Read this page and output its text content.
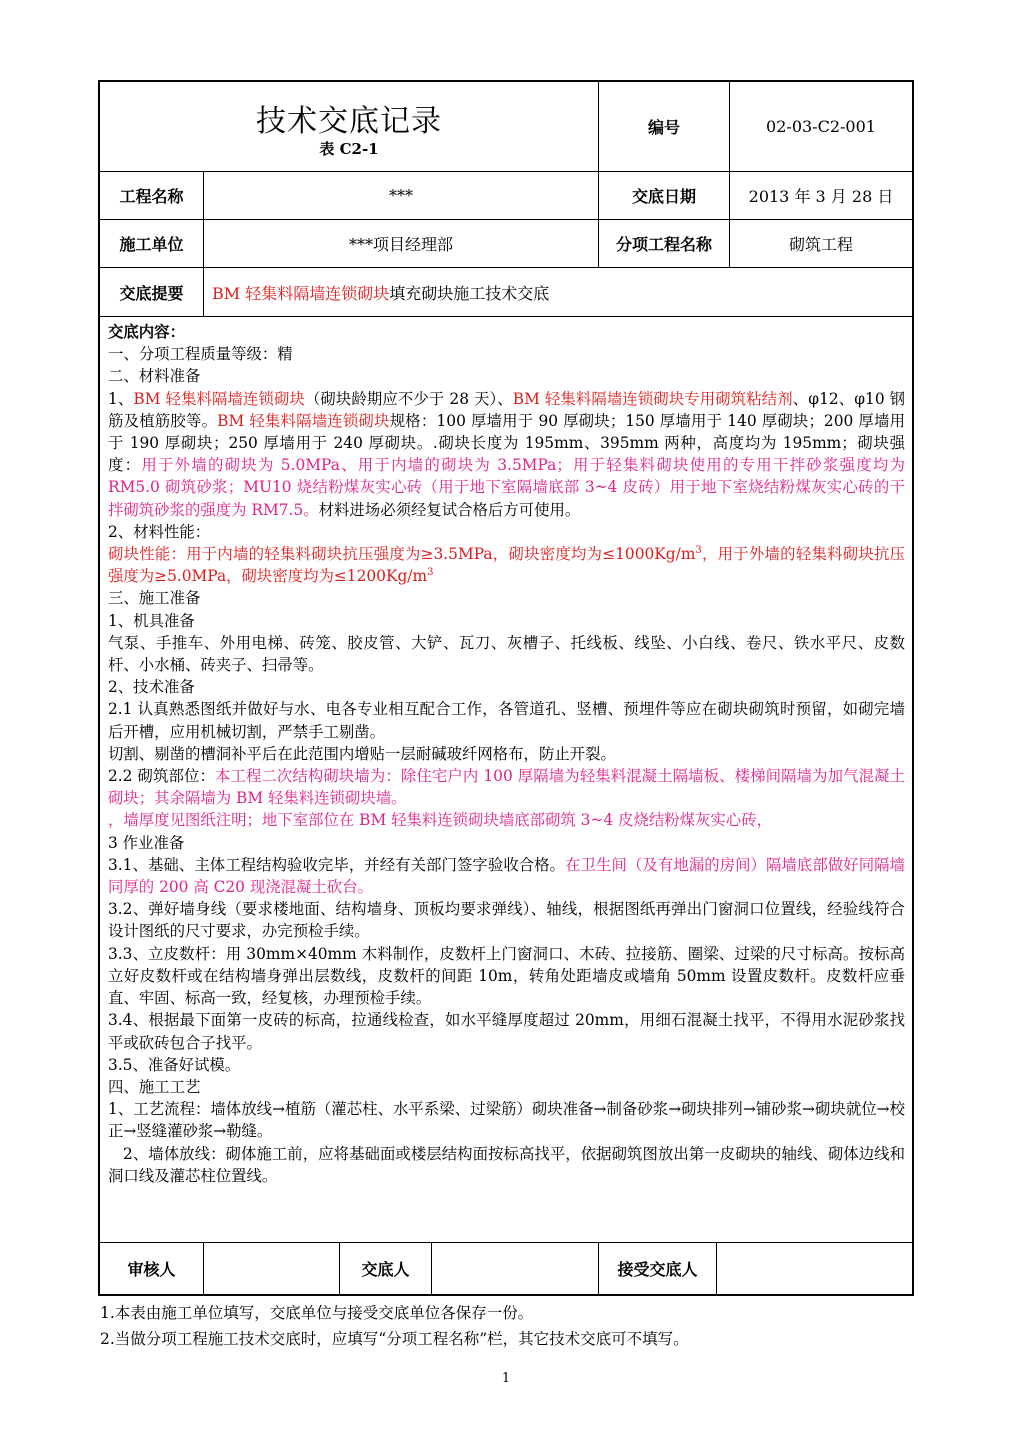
技术交底记录
表 C2-1
编号	02-03-C2-001
工程名称	***	交底日期	2013 年 3 月 28 日
施工单位	***项目经理部	分项工程名称	砌筑工程
交底提要	BM 轻集料隔墙连锁砌块 填充砌块施工技术交底

交底内容：

一、分项工程质量等级：精

二、材料准备

1、BM 轻集料隔墙连锁砌块（砌块龄期应不少于 28 天）、BM 轻集料隔墙连锁砌块专用砌筑粘结剂、φ12、φ10 钢筋及植筋胶等。BM 轻集料隔墙连锁砌块规格：100 厚墙用于 90 厚砌块；150 厚墙用于 140 厚砌块；200 厚墙用于 190 厚砌块；250 厚墙用于 240 厚砌块。.砌块长度为 195mm、395mm 两种，高度均为 195mm；砌块强度：用于外墙的砌块为 5.0MPa、用于内墙的砌块为 3.5MPa；用于轻集料砌块使用的专用干拌砂浆强度均为 RM5.0 砌筑砂浆；MU10 烧结粉煤灰实心砖（用于地下室隔墙底部 3~4 皮砖）用于地下室烧结粉煤灰实心砖的干拌砌筑砂浆的强度为 RM7.5。材料进场必须经复试合格后方可使用。

2、材料性能：

砌块性能：用于内墙的轻集料砌块抗压强度为≥3.5MPa，砌块密度均为$\le 1000Kg/m^3$，用于外墙的轻集料砌块抗压强度为≥5.0MPa，砌块密度均为$\le 1200Kg/m^3$

三、施工准备

1、机具准备

气泵、手推车、外用电梯、砖笼、胶皮管、大铲、瓦刀、灰槽子、托线板、线坠、小白线、卷尺、铁水平尺、皮数杆、小水桶、砖夹子、扫帚等。

2、技术准备

2.1 认真熟悉图纸并做好与水、电各专业相互配合工作，各管道孔、竖槽、预埋件等应在砌块砌筑时预留，如砌完墙后开槽，应用机械切割，严禁手工剔凿。

切割、剔凿的槽洞补平后在此范围内增贴一层耐碱玻纤网格布，防止开裂。

2.2 砌筑部位：本工程二次结构砌块墙为：除住宅户内 100 厚隔墙为轻集料混凝土隔墙板、楼梯间隔墙为加气混凝土砌块；其余隔墙为 BM 轻集料连锁砌块墙。

，墙厚度见图纸注明；地下室部位在 BM 轻集料连锁砌块墙底部砌筑 3~4 皮烧结粉煤灰实心砖，

3 作业准备

3.1、基础、主体工程结构验收完毕，并经有关部门签字验收合格。在卫生间（及有地漏的房间）隔墙底部做好同隔墙同厚的 200 高 C20 现浇混凝土砍台。

3.2、弹好墙身线（要求楼地面、结构墙身、顶板均要求弹线）、轴线，根据图纸再弹出门窗洞口位置线，经验线符合设计图纸的尺寸要求，办完预检手续。

3.3、立皮数杆：用 30mm×40mm 木料制作，皮数杆上门窗洞口、木砖、拉接筋、圈梁、过梁的尺寸标高。按标高立好皮数杆或在结构墙身弹出层数线，皮数杆的间距 10m，转角处距墙皮或墙角 50mm 设置皮数杆。皮数杆应垂直、牢固、标高一致，经复核，办理预检手续。

3.4、根据最下面第一皮砖的标高，拉通线检查，如水平缝厚度超过 20mm，用细石混凝土找平，不得用水泥砂浆找平或砍砖包合子找平。

3.5、准备好试模。

四、施工工艺

1、工艺流程：墙体放线→植筋（灌芯柱、水平系梁、过梁筋）砌块准备→制备砂浆→砌块排列→铺砂浆→砌块就位→校正→竖缝灌砂浆→勒缝。

2、墙体放线：砌体施工前，应将基础面或楼层结构面按标高找平，依据砌筑图放出第一皮砌块的轴线、砌体边线和洞口线及灌芯柱位置线。

审核人	交底人	接受交底人
1.本表由施工单位填写，交底单位与接受交底单位各保存一份。
2.当做分项工程施工技术交底时，应填写“分项工程名称”栏，其它技术交底可不填写。
1
